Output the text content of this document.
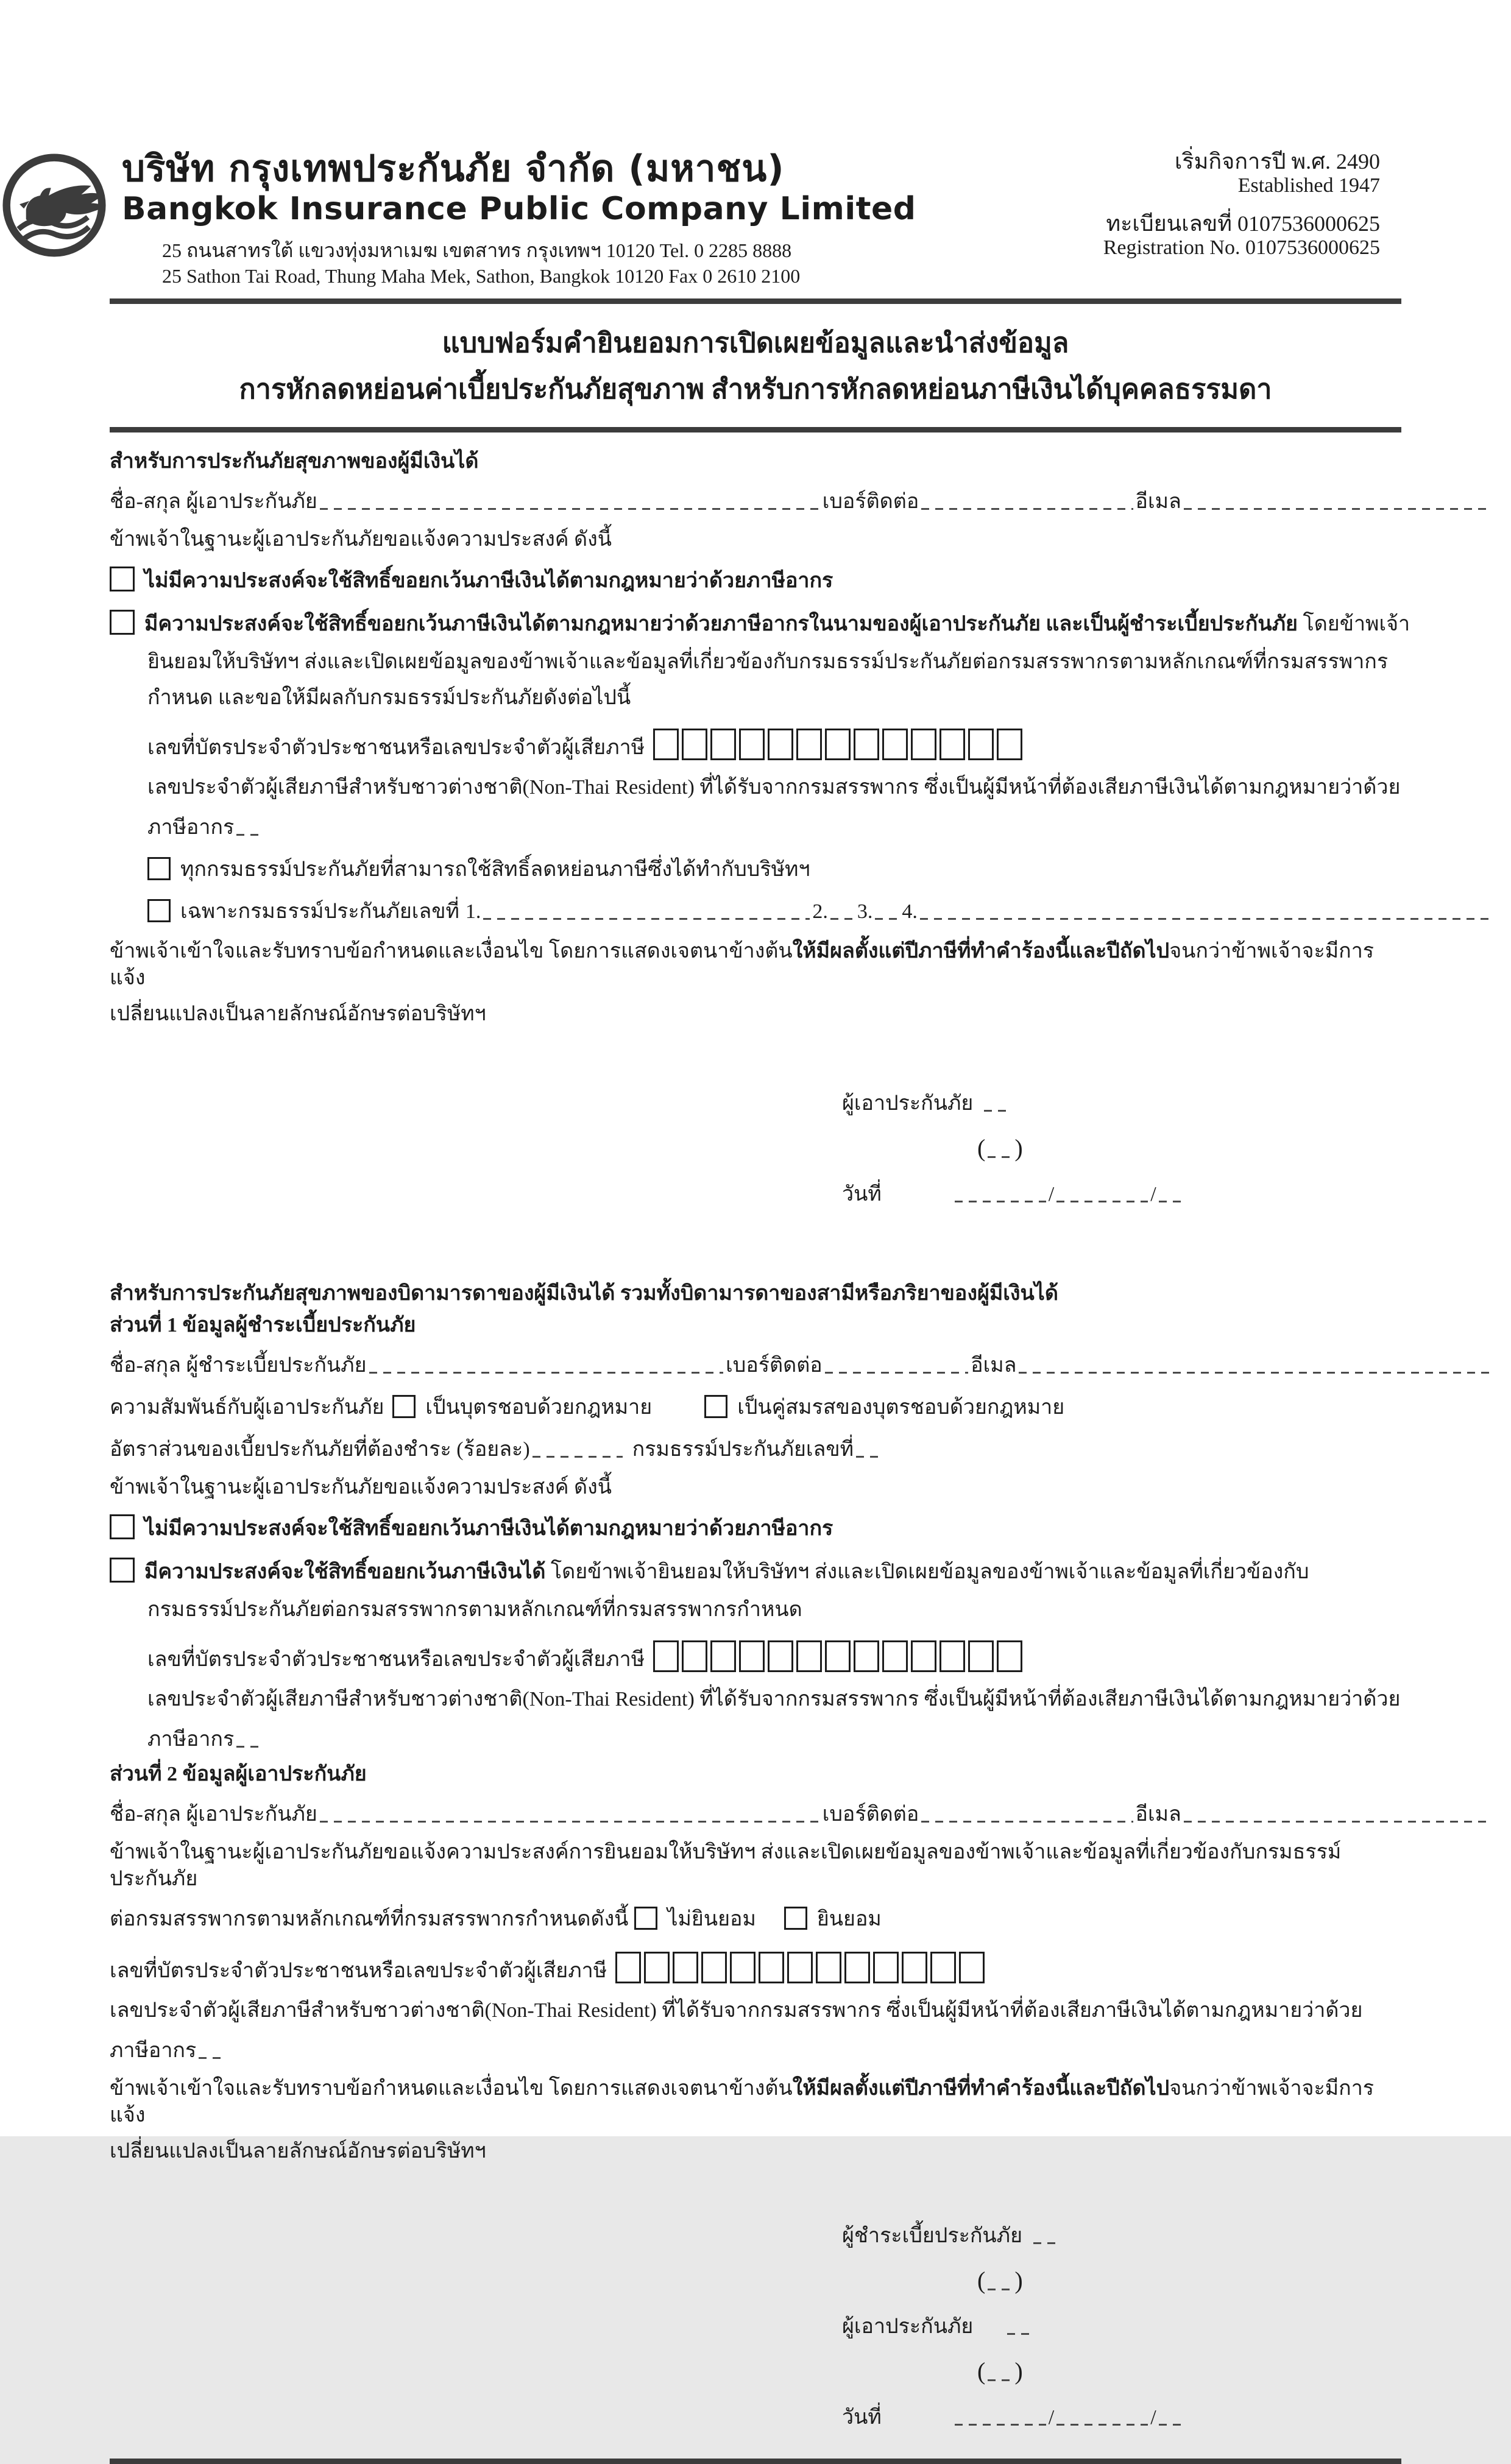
บริษัท กรุงเทพประกันภัย จำกัด (มหาชน)
Bangkok Insurance Public Company Limited
25 ถนนสาทรใต้ แขวงทุ่งมหาเมฆ เขตสาทร กรุงเทพฯ 10120 Tel. 0 2285 8888
25 Sathon Tai Road, Thung Maha Mek, Sathon, Bangkok 10120 Fax 0 2610 2100
เริ่มกิจการปี พ.ศ. 2490
Established 1947
ทะเบียนเลขที่ 0107536000625
Registration No. 0107536000625
แบบฟอร์มคำยินยอมการเปิดเผยข้อมูลและนำส่งข้อมูล
การหักลดหย่อนค่าเบี้ยประกันภัยสุขภาพ สำหรับการหักลดหย่อนภาษีเงินได้บุคคลธรรมดา
สำหรับการประกันภัยสุขภาพของผู้มีเงินได้
ชื่อ-สกุล ผู้เอาประกันภัย	เบอร์ติดต่อ	อีเมล
ข้าพเจ้าในฐานะผู้เอาประกันภัยขอแจ้งความประสงค์ ดังนี้
ไม่มีความประสงค์จะใช้สิทธิ์ขอยกเว้นภาษีเงินได้ตามกฎหมายว่าด้วยภาษีอากร
มีความประสงค์จะใช้สิทธิ์ขอยกเว้นภาษีเงินได้ตามกฎหมายว่าด้วยภาษีอากรในนามของผู้เอาประกันภัย และเป็นผู้ชำระเบี้ยประกันภัย โดยข้าพเจ้า
ยินยอมให้บริษัทฯ ส่งและเปิดเผยข้อมูลของข้าพเจ้าและข้อมูลที่เกี่ยวข้องกับกรมธรรม์ประกันภัยต่อกรมสรรพากรตามหลักเกณฑ์ที่กรมสรรพากร
กำหนด และขอให้มีผลกับกรมธรรม์ประกันภัยดังต่อไปนี้
เลขที่บัตรประจำตัวประชาชนหรือเลขประจำตัวผู้เสียภาษี
เลขประจำตัวผู้เสียภาษีสำหรับชาวต่างชาติ(Non-Thai Resident) ที่ได้รับจากกรมสรรพากร ซึ่งเป็นผู้มีหน้าที่ต้องเสียภาษีเงินได้ตามกฎหมายว่าด้วย
ภาษีอากร
ทุกกรมธรรม์ประกันภัยที่สามารถใช้สิทธิ์ลดหย่อนภาษีซึ่งได้ทำกับบริษัทฯ
เฉพาะกรมธรรม์ประกันภัยเลขที่ 1.	2. 3. 4.
ข้าพเจ้าเข้าใจและรับทราบข้อกำหนดและเงื่อนไข โดยการแสดงเจตนาข้างต้นให้มีผลตั้งแต่ปีภาษีที่ทำคำร้องนี้และปีถัดไปจนกว่าข้าพเจ้าจะมีการแจ้ง
เปลี่ยนแปลงเป็นลายลักษณ์อักษรต่อบริษัทฯ
ผู้เอาประกันภัย
( )
วันที่	/	/
สำหรับการประกันภัยสุขภาพของบิดามารดาของผู้มีเงินได้ รวมทั้งบิดามารดาของสามีหรือภริยาของผู้มีเงินได้
ส่วนที่ 1 ข้อมูลผู้ชำระเบี้ยประกันภัย
ชื่อ-สกุล ผู้ชำระเบี้ยประกันภัย	เบอร์ติดต่อ	อีเมล
ความสัมพันธ์กับผู้เอาประกันภัย เป็นบุตรชอบด้วยกฎหมาย	เป็นคู่สมรสของบุตรชอบด้วยกฎหมาย
อัตราส่วนของเบี้ยประกันภัยที่ต้องชำระ (ร้อยละ)	กรมธรรม์ประกันภัยเลขที่
ข้าพเจ้าในฐานะผู้เอาประกันภัยขอแจ้งความประสงค์ ดังนี้
ไม่มีความประสงค์จะใช้สิทธิ์ขอยกเว้นภาษีเงินได้ตามกฎหมายว่าด้วยภาษีอากร
มีความประสงค์จะใช้สิทธิ์ขอยกเว้นภาษีเงินได้ โดยข้าพเจ้ายินยอมให้บริษัทฯ ส่งและเปิดเผยข้อมูลของข้าพเจ้าและข้อมูลที่เกี่ยวข้องกับ
กรมธรรม์ประกันภัยต่อกรมสรรพากรตามหลักเกณฑ์ที่กรมสรรพากรกำหนด
เลขที่บัตรประจำตัวประชาชนหรือเลขประจำตัวผู้เสียภาษี
เลขประจำตัวผู้เสียภาษีสำหรับชาวต่างชาติ(Non-Thai Resident) ที่ได้รับจากกรมสรรพากร ซึ่งเป็นผู้มีหน้าที่ต้องเสียภาษีเงินได้ตามกฎหมายว่าด้วย
ภาษีอากร
ส่วนที่ 2 ข้อมูลผู้เอาประกันภัย
ชื่อ-สกุล ผู้เอาประกันภัย	เบอร์ติดต่อ	อีเมล
ข้าพเจ้าในฐานะผู้เอาประกันภัยขอแจ้งความประสงค์การยินยอมให้บริษัทฯ ส่งและเปิดเผยข้อมูลของข้าพเจ้าและข้อมูลที่เกี่ยวข้องกับกรมธรรม์ประกันภัย
ต่อกรมสรรพากรตามหลักเกณฑ์ที่กรมสรรพากรกำหนดดังนี้ ไม่ยินยอม	ยินยอม
เลขที่บัตรประจำตัวประชาชนหรือเลขประจำตัวผู้เสียภาษี
เลขประจำตัวผู้เสียภาษีสำหรับชาวต่างชาติ(Non-Thai Resident) ที่ได้รับจากกรมสรรพากร ซึ่งเป็นผู้มีหน้าที่ต้องเสียภาษีเงินได้ตามกฎหมายว่าด้วย
ภาษีอากร
ข้าพเจ้าเข้าใจและรับทราบข้อกำหนดและเงื่อนไข โดยการแสดงเจตนาข้างต้นให้มีผลตั้งแต่ปีภาษีที่ทำคำร้องนี้และปีถัดไปจนกว่าข้าพเจ้าจะมีการแจ้ง
เปลี่ยนแปลงเป็นลายลักษณ์อักษรต่อบริษัทฯ
ผู้ชำระเบี้ยประกันภัย
( )
ผู้เอาประกันภัย
( )
วันที่	/	/
